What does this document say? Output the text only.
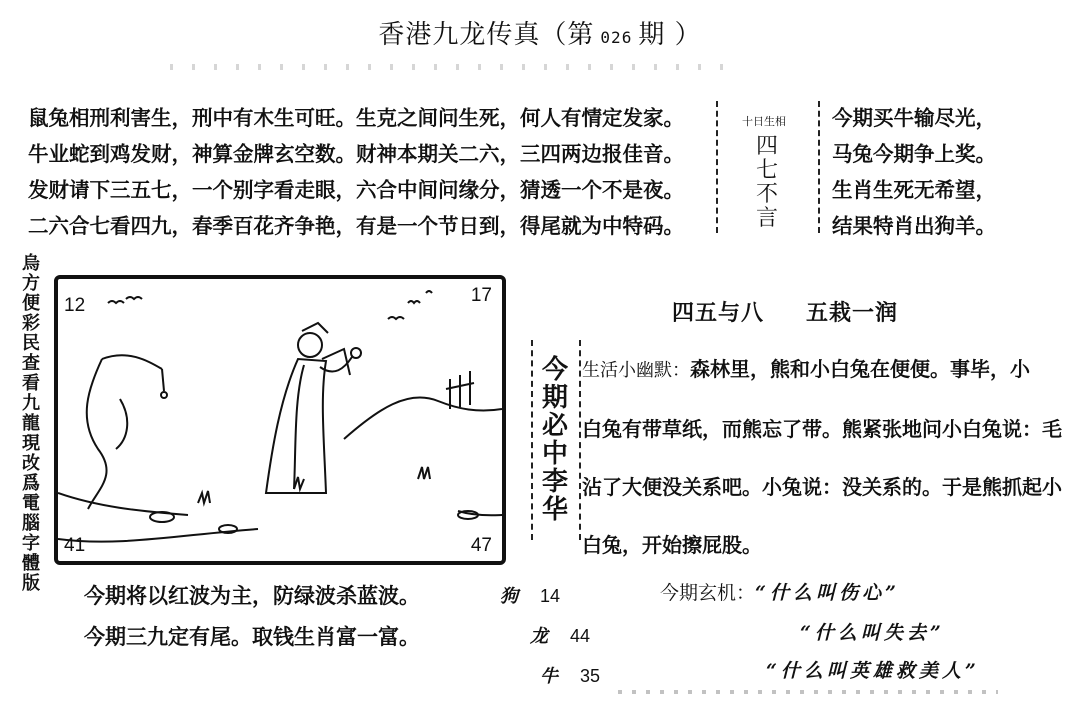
香港九龙传真（第 026 期 ）
鼠兔相刑利害生，刑中有木生可旺。生克之间问生死，何人有情定发家。
牛业蛇到鸡发财，神算金牌玄空数。财神本期关二六，三四两边报佳音。
发财请下三五七，一个别字看走眼，六合中间问缘分，猜透一个不是夜。
二六合七看四九，春季百花齐争艳，有是一个节日到，得尾就为中特码。
十日生相
四
七
不
言
今期买牛输尽光，
马兔今期争上奖。
生肖生死无希望，
结果特肖出狗羊。
烏
方
便
彩
民
查
看
九
龍
現
改
爲
電
腦
字
體
版
12	17
41	47
四五与八 五栽一润
今
期
必
中
李
华
生活小幽默：森林里，熊和小白兔在便便。事毕，小
白兔有带草纸，而熊忘了带。熊紧张地问小白兔说：毛
沾了大便没关系吧。小兔说：没关系的。于是熊抓起小
白兔，开始擦屁股。
今期将以红波为主，防绿波杀蓝波。
今期三九定有尾。取钱生肖富一富。
狗 14
龙 44
牛 35
今期玄机：“什么叫伤心”
“什么叫失去”
“什么叫英雄救美人”
